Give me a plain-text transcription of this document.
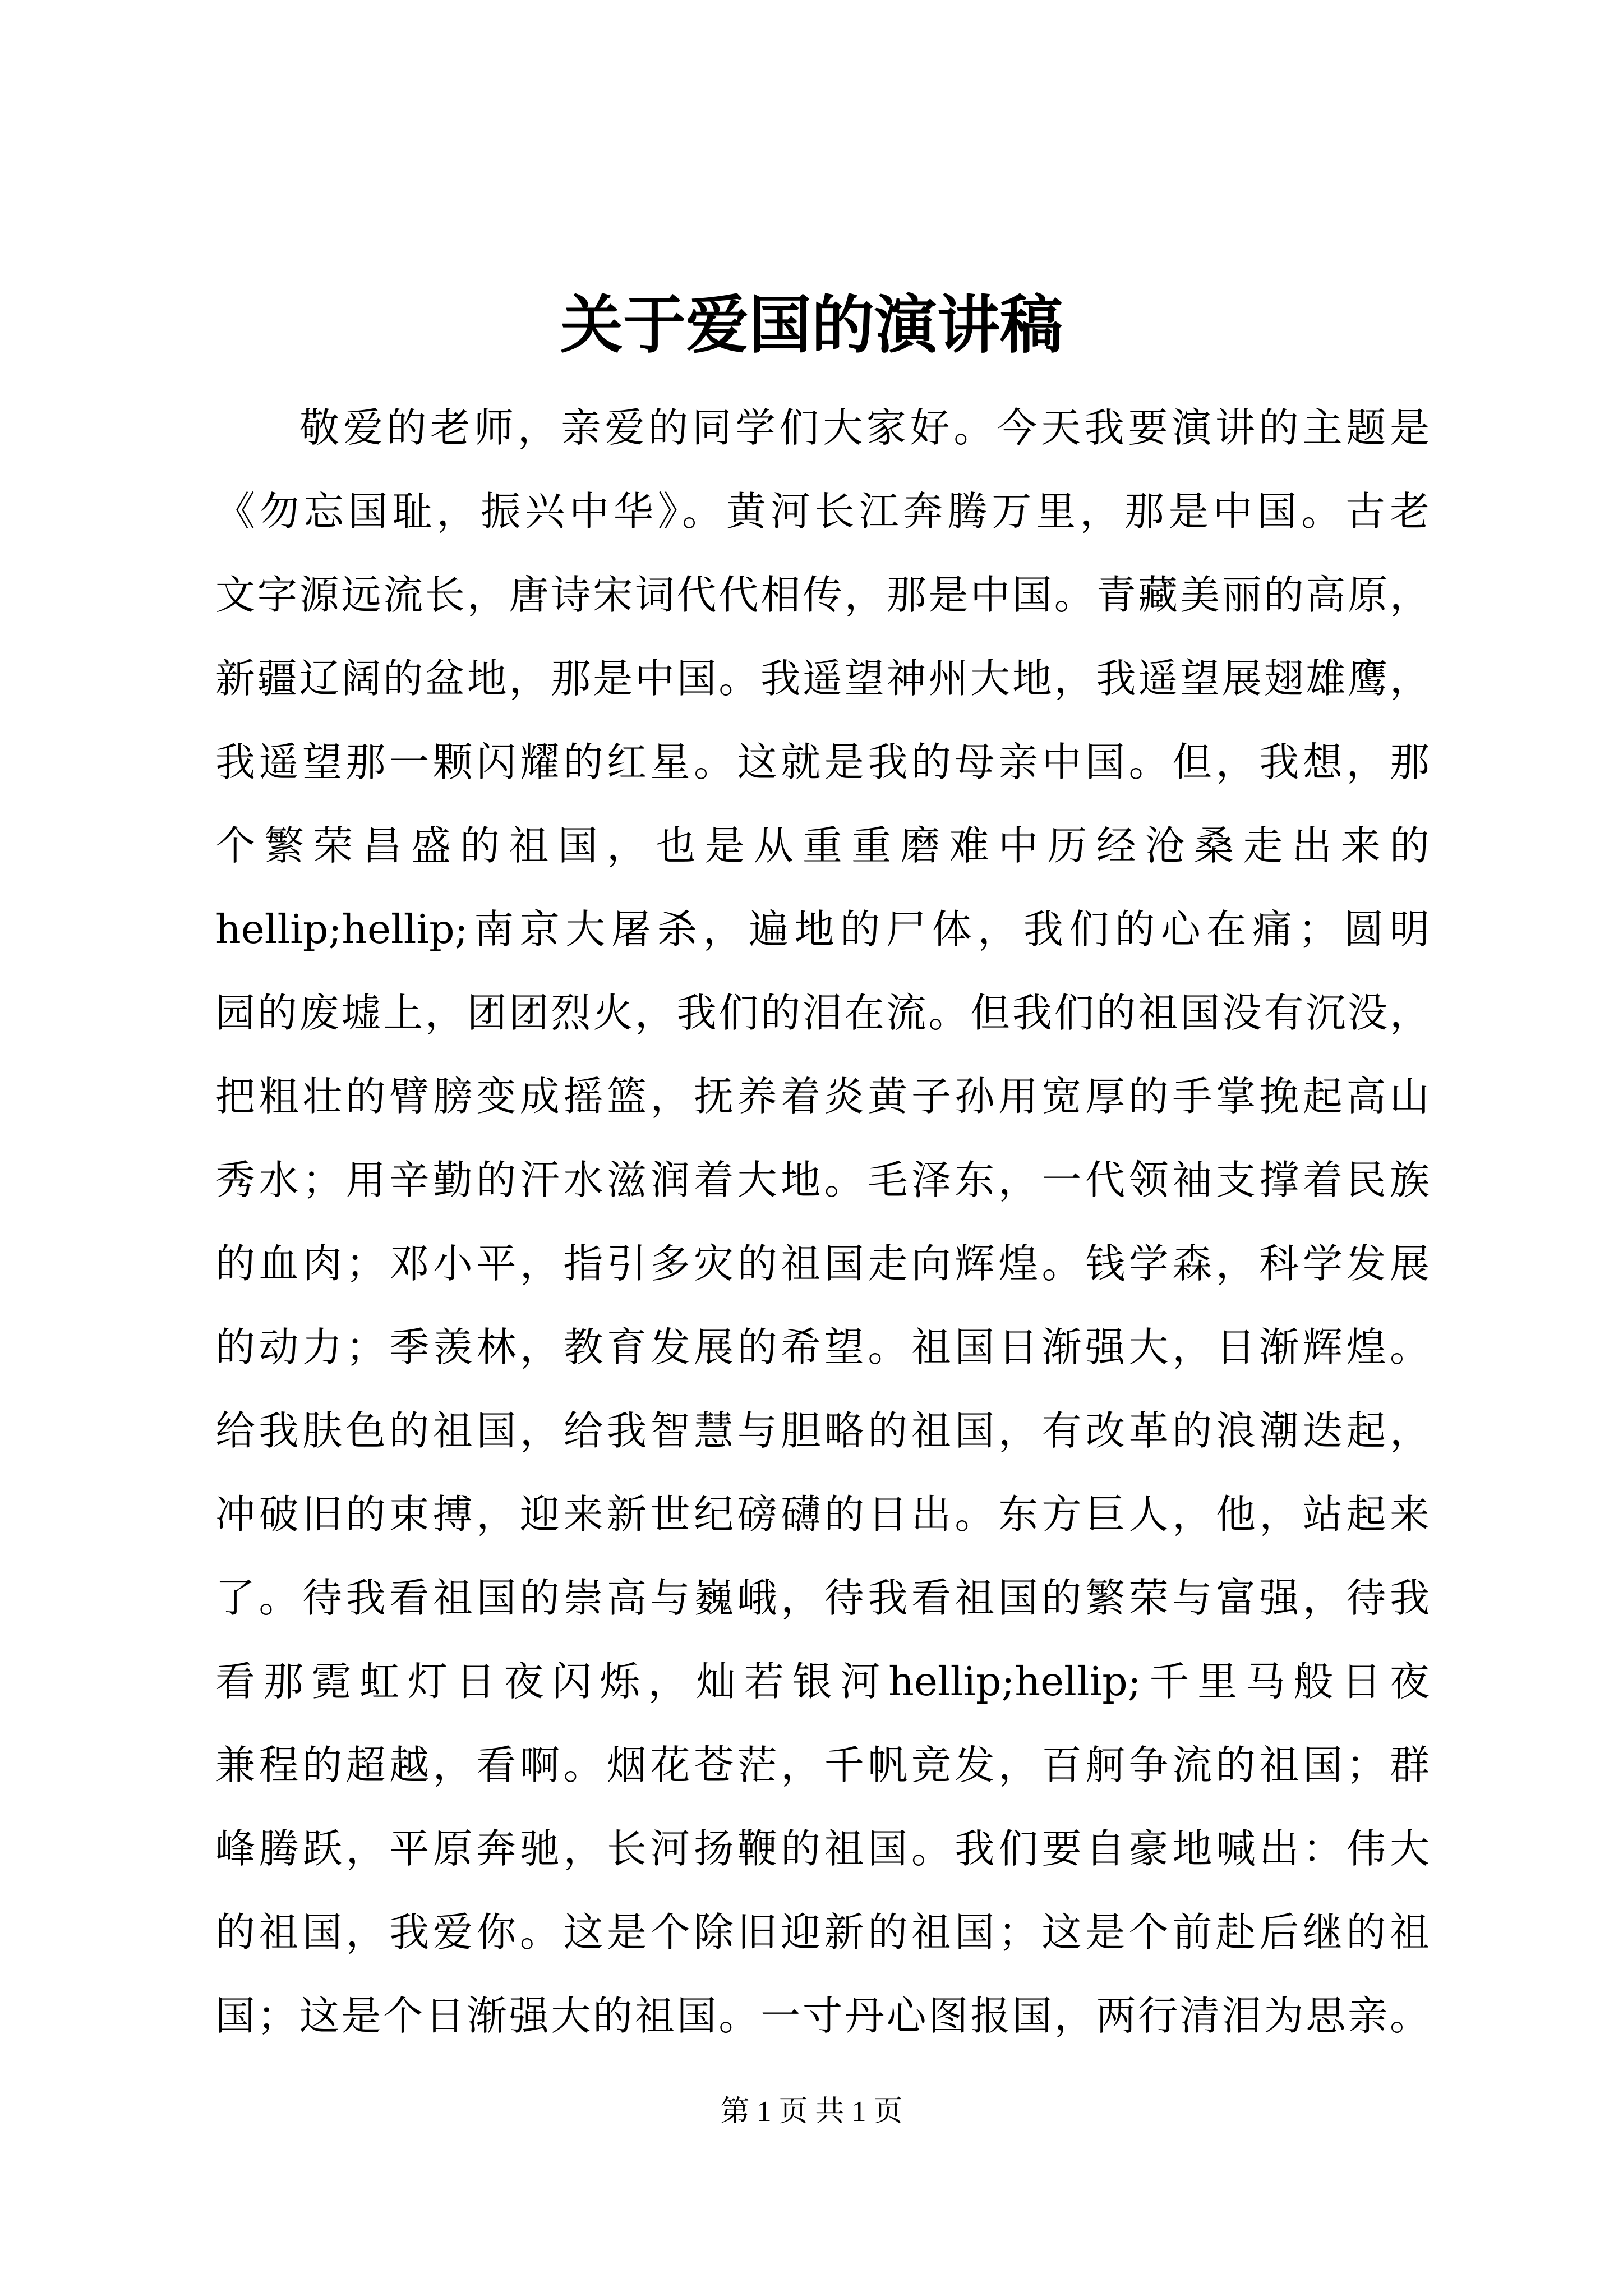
关于爱国的演讲稿
敬爱的老师，亲爱的同学们大家好。今天我要演讲的主题是
《勿忘国耻，振兴中华》。黄河长江奔腾万里，那是中国。古老
文字源远流长，唐诗宋词代代相传，那是中国。青藏美丽的高原，
新疆辽阔的盆地，那是中国。我遥望神州大地，我遥望展翅雄鹰，
我遥望那一颗闪耀的红星。这就是我的母亲中国。但，我想，那
个繁荣昌盛的祖国，也是从重重磨难中历经沧桑走出来的
hellip;hellip;南京大屠杀，遍地的尸体，我们的心在痛；圆明
园的废墟上，团团烈火，我们的泪在流。但我们的祖国没有沉没，
把粗壮的臂膀变成摇篮，抚养着炎黄子孙用宽厚的手掌挽起高山
秀水；用辛勤的汗水滋润着大地。毛泽东，一代领袖支撑着民族
的血肉；邓小平，指引多灾的祖国走向辉煌。钱学森，科学发展
的动力；季羡林，教育发展的希望。祖国日渐强大，日渐辉煌。
给我肤色的祖国，给我智慧与胆略的祖国，有改革的浪潮迭起，
冲破旧的束搏，迎来新世纪磅礴的日出。东方巨人，他，站起来
了。待我看祖国的崇高与巍峨，待我看祖国的繁荣与富强，待我
看那霓虹灯日夜闪烁，灿若银河hellip;hellip;千里马般日夜
兼程的超越，看啊。烟花苍茫，千帆竞发，百舸争流的祖国；群
峰腾跃，平原奔驰，长河扬鞭的祖国。我们要自豪地喊出：伟大
的祖国，我爱你。这是个除旧迎新的祖国；这是个前赴后继的祖
国；这是个日渐强大的祖国。一寸丹心图报国，两行清泪为思亲。
第 1 页 共 1 页
